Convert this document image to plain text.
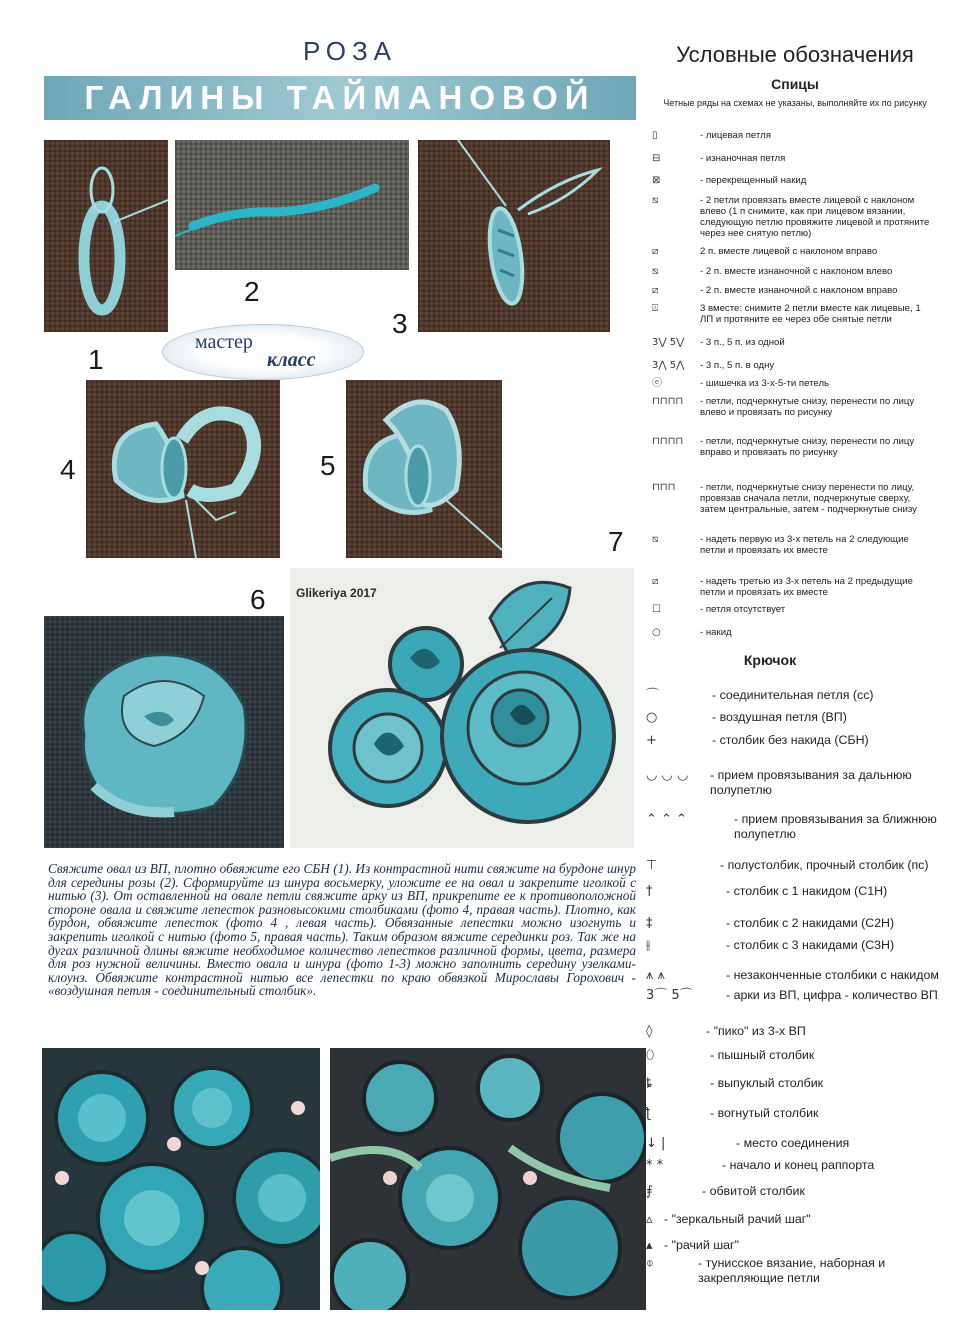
РОЗА
ГАЛИНЫ ТАЙМАНОВОЙ
1
2
3
мастер
класс
4	5
7
6	Glikeriya 2017

Свяжите овал из ВП, плотно обвяжите его СБН (1). Из контрастной нити свяжите на бурдоне шнур для середины розы (2). Сформируйте из шнура восьмерку, уложите ее на овал и закрепите иголкой с нитью (3). От оставленной на овале петли свяжите арку из ВП, прикрепите ее к противоположной стороне овала и свяжите лепесток разновысокими столбиками (фото 4, правая часть). Плотно, как бурдон, обвяжите лепесток (фото 4 , левая часть). Обвязанные лепестки можно изогнуть и закрепить иголкой с нитью (фото 5, правая часть). Таким образом вяжите серединки роз. Так же на дугах различной длины вяжите необходимое количество лепестков различной формы, цвета, размера для роз нужной величины. Вместо овала и шнура (фото 1-3) можно заполнить середину узелками-клоунз. Обвяжите контрастной нитью все лепестки по краю обвязкой Мирославы Горохович - «воздушная петля - соединительный столбик».

Условные обозначения
Спицы
Четные ряды на схемах не указаны, выполняйте их по рисунку
▯	- лицевая петля
⊟	- изнаночная петля
⊠	- перекрещенный накид
⧅	- 2 петли провязать вместе лицевой с наклоном влево (1 п снимите, как при лицевом вязании, следующую петлю провяжите лицевой и протяните через нее снятую петлю)
⧄	2 п. вместе лицевой с наклоном вправо
⧅	- 2 п. вместе изнаночной с наклоном влево
⧄	- 2 п. вместе изнаночной с наклоном вправо
⍍	3 вместе: снимите 2 петли вместе как лицевые, 1 ЛП и протяните ее через обе снятые петли
3⋁ 5⋁	- 3 п., 5 п. из одной
3⋀ 5⋀	- 3 п., 5 п. в одну
ⓔ	- шишечка из 3-х-5-ти петель
⊓⊓⊓⊓	- петли, подчеркнутые снизу, перенести по лицу влево и провязать по рисунку
⊓⊓⊓⊓	- петли, подчеркнутые снизу, перенести по лицу вправо и провязать по рисунку
⊓⊓⊓	- петли, подчеркнутые снизу перенести по лицу, провязав сначала петли, подчеркнутые сверху, затем центральные, затем - подчеркнутые снизу
⧅	- надеть первую из 3-х петель на 2 следующие петли и провязать их вместе
⧄	- надеть третью из 3-х петель на 2 предыдущие петли и провязать их вместе
☐	- петля отсутствует
○	- накид
Крючок
⌒	- соединительная петля (сс)
○	- воздушная петля (ВП)
+	- столбик без накида (СБН)
◡ ◡ ◡	- прием провязывания за дальнюю полупетлю
⌃ ⌃ ⌃	- прием провязывания за ближнюю полупетлю
⊤	- полустолбик, прочный столбик (пс)
†	- столбик с 1 накидом (С1Н)
‡	- столбик с 2 накидами (С2Н)
⫲	- столбик с 3 накидами (С3Н)
⩚ ⩚	- незаконченные столбики с накидом
3⌒ 5⌒	- арки из ВП, цифра - количество ВП
◊	- "пико" из 3-х ВП
⬯	- пышный столбик
ȶ	- выпуклый столбик
ƪ	- вогнутый столбик
↓ |	- место соединения
* *	- начало и конец раппорта
⨎	- обвитой столбик
▵ - "зеркальный рачий шаг"
▴ - "рачий шаг"
⌽	- тунисское вязание, наборная и закрепляющие петли
